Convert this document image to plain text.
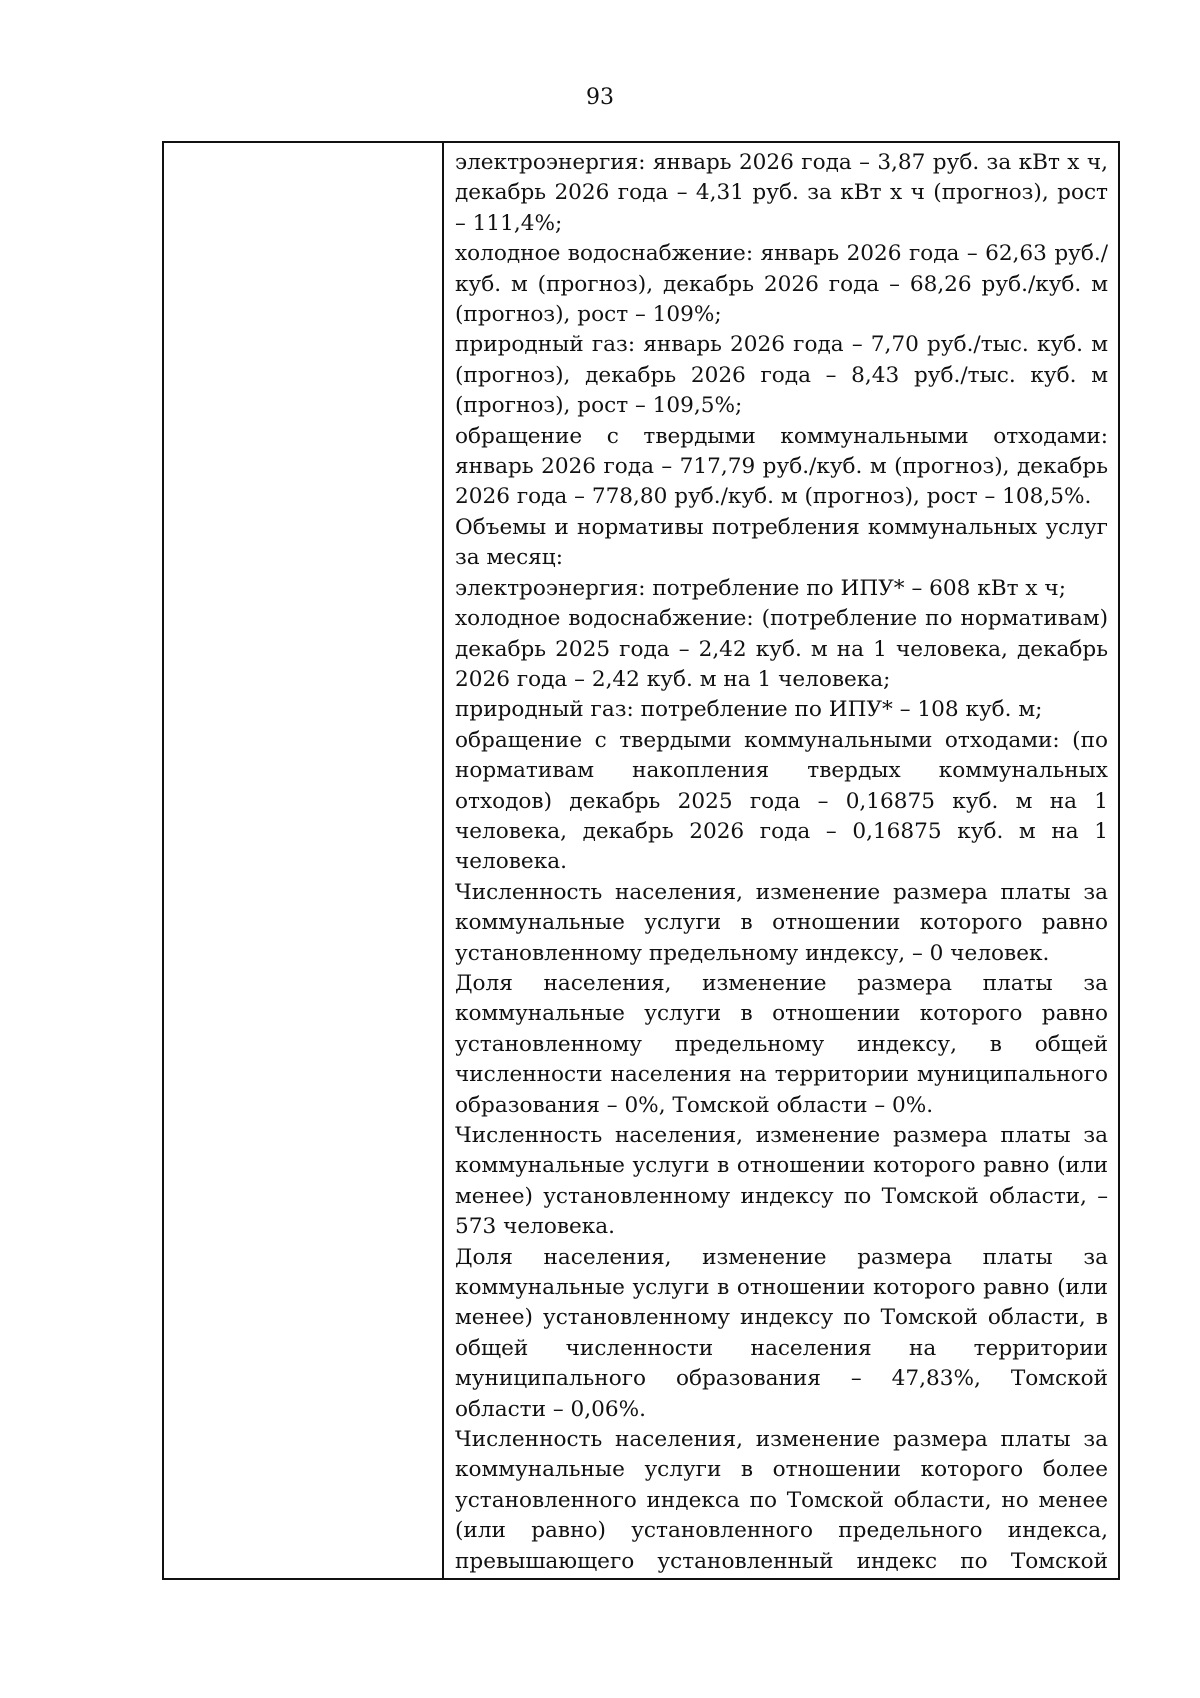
93

электроэнергия: январь 2026 года – 3,87 руб. за кВт х ч, декабрь 2026 года – 4,31 руб. за кВт х ч (прогноз), рост – 111,4%;

холодное водоснабжение: январь 2026 года – 62,63 руб./куб. м (прогноз), декабрь 2026 года – 68,26 руб./куб. м (прогноз), рост – 109%;

природный газ: январь 2026 года – 7,70 руб./тыс. куб. м (прогноз), декабрь 2026 года – 8,43 руб./тыс. куб. м (прогноз), рост – 109,5%;

обращение с твердыми коммунальными отходами: январь 2026 года – 717,79 руб./куб. м (прогноз), декабрь 2026 года – 778,80 руб./куб. м (прогноз), рост – 108,5%.

Объемы и нормативы потребления коммунальных услуг за месяц:

электроэнергия: потребление по ИПУ* – 608 кВт х ч;

холодное водоснабжение: (потребление по нормативам) декабрь 2025 года – 2,42 куб. м на 1 человека, декабрь 2026 года – 2,42 куб. м на 1 человека;

природный газ: потребление по ИПУ* – 108 куб. м;

обращение с твердыми коммунальными отходами: (по нормативам накопления твердых коммунальных отходов) декабрь 2025 года – 0,16875 куб. м на 1 человека, декабрь 2026 года – 0,16875 куб. м на 1 человека.

Численность населения, изменение размера платы за коммунальные услуги в отношении которого равно установленному предельному индексу, – 0 человек.

Доля населения, изменение размера платы за коммунальные услуги в отношении которого равно установленному предельному индексу, в общей численности населения на территории муниципального образования – 0%, Томской области – 0%.

Численность населения, изменение размера платы за коммунальные услуги в отношении которого равно (или менее) установленному индексу по Томской области, – 573 человека.

Доля населения, изменение размера платы за коммунальные услуги в отношении которого равно (или менее) установленному индексу по Томской области, в общей численности населения на территории муниципального образования – 47,83%, Томской области – 0,06%.

Численность населения, изменение размера платы за коммунальные услуги в отношении которого более установленного индекса по Томской области, но менее (или равно) установленного предельного индекса, превышающего установленный индекс по Томской
